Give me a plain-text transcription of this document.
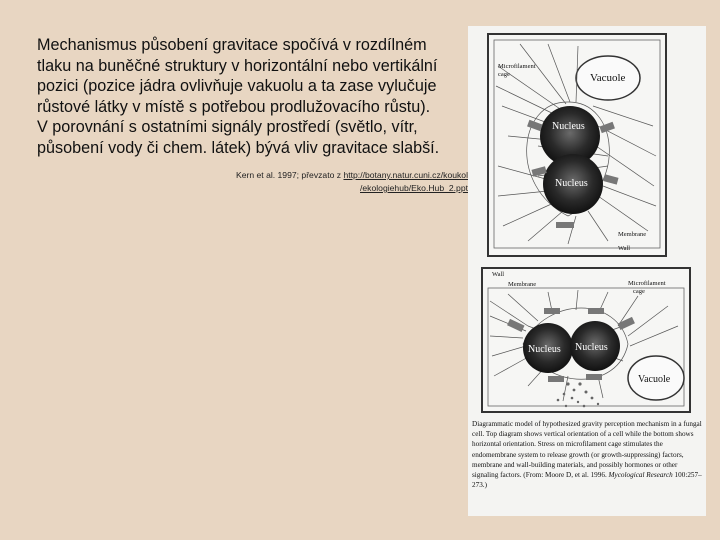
Mechanismus působení gravitace spočívá v rozdílném
tlaku na buněčné struktury v horizontální nebo vertikální
pozici (pozice jádra ovlivňuje vakuolu a ta zase vylučuje
růstové látky v místě s potřebou prodlužovacího růstu).
V porovnání s ostatními signály prostředí (světlo, vítr,
působení vody či chem. látek) bývá vliv gravitace slabší.
Kern et al. 1997; převzato z http://botany.natur.cuni.cz/koukol
/ekologiehub/Eko.Hub_2.ppt
Vacuole
Microfilament
cage
Nucleus
Nucleus
Membrane
Wall
Wall
Membrane	Microfilament
cage
Nucleus Nucleus
Vacuole
Diagrammatic model of hypothesized gravity perception mechanism in a fungal cell. Top diagram shows vertical orientation of a cell while the bottom shows horizontal orientation. Stress on microfilament cage stimulates the endomembrane system to release growth (or growth-suppressing) factors, membrane and wall-building materials, and possibly hormones or other signaling factors. (From: Moore D, et al. 1996. Mycological Research 100:257–273.)
